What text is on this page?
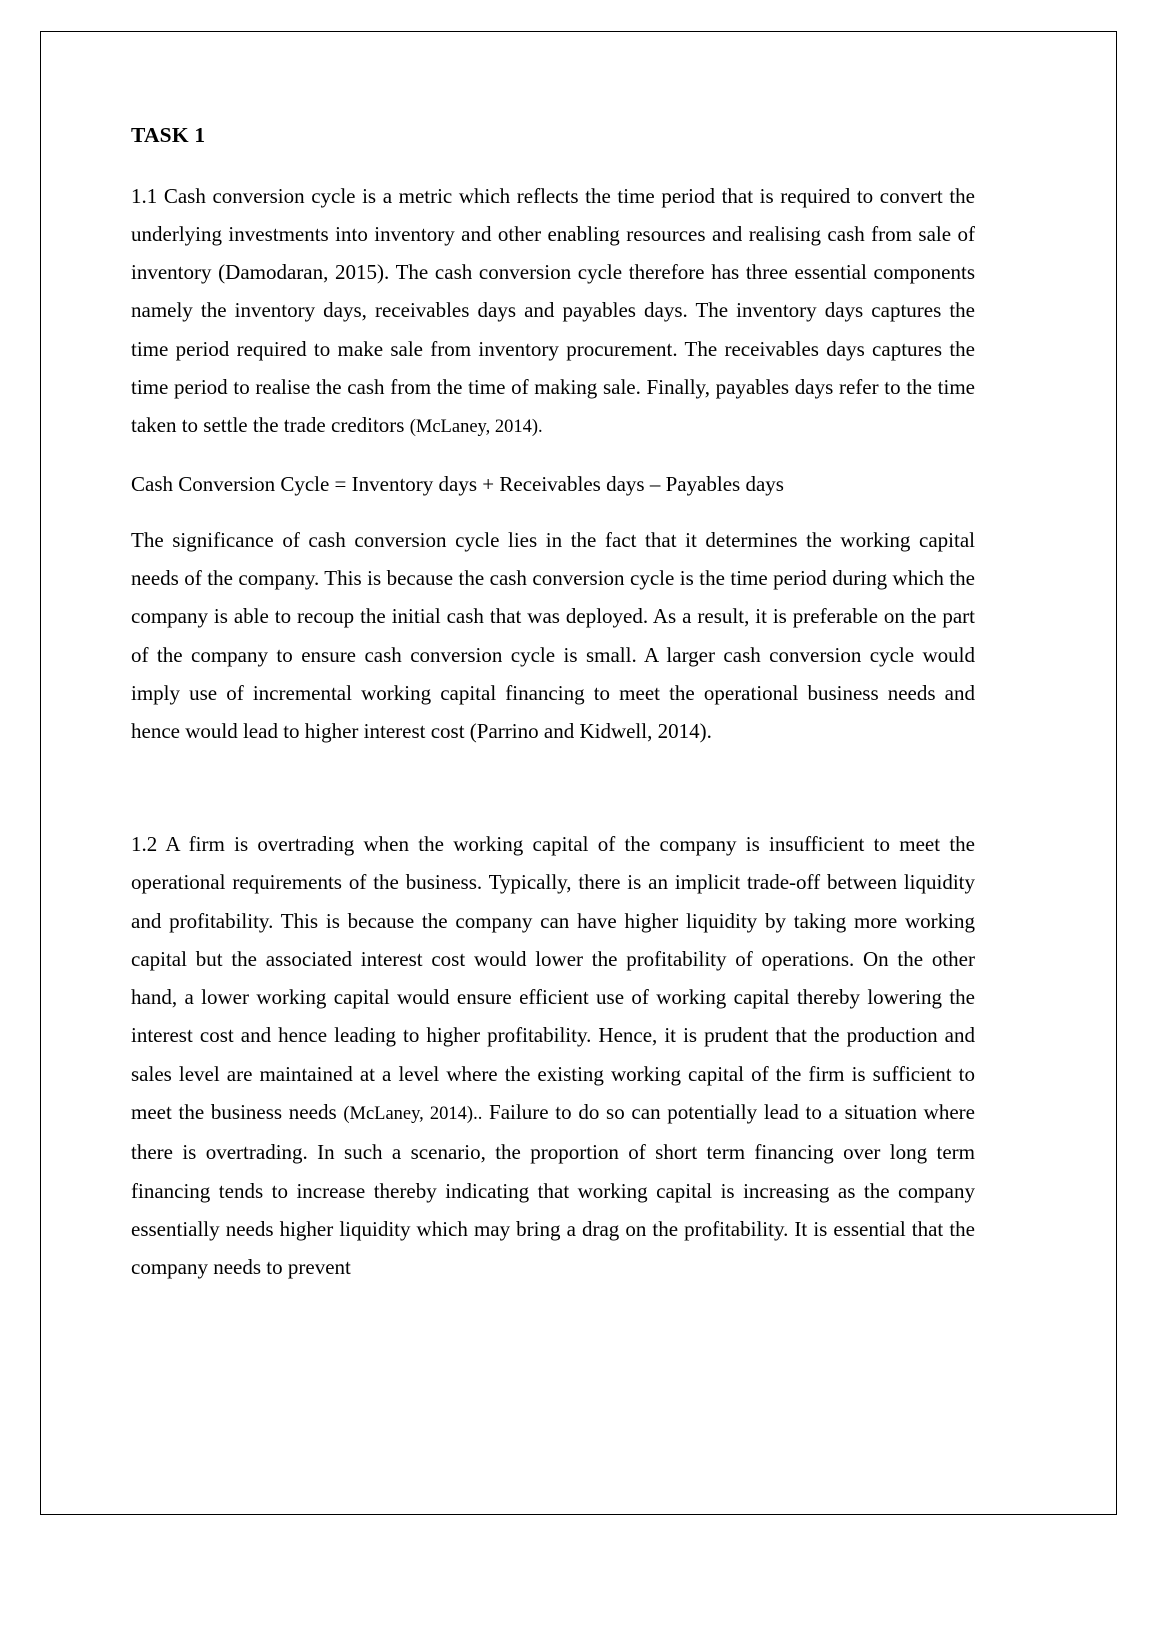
TASK 1

1.1 Cash conversion cycle is a metric which reflects the time period that is required to convert the underlying investments into inventory and other enabling resources and realising cash from sale of inventory (Damodaran, 2015). The cash conversion cycle therefore has three essential components namely the inventory days, receivables days and payables days. The inventory days captures the time period required to make sale from inventory procurement. The receivables days captures the time period to realise the cash from the time of making sale. Finally, payables days refer to the time taken to settle the trade creditors (McLaney, 2014).

Cash Conversion Cycle = Inventory days + Receivables days – Payables days

The significance of cash conversion cycle lies in the fact that it determines the working capital needs of the company. This is because the cash conversion cycle is the time period during which the company is able to recoup the initial cash that was deployed. As a result, it is preferable on the part of the company to ensure cash conversion cycle is small. A larger cash conversion cycle would imply use of incremental working capital financing to meet the operational business needs and hence would lead to higher interest cost (Parrino and Kidwell, 2014).

1.2 A firm is overtrading when the working capital of the company is insufficient to meet the operational requirements of the business. Typically, there is an implicit trade-off between liquidity and profitability. This is because the company can have higher liquidity by taking more working capital but the associated interest cost would lower the profitability of operations. On the other hand, a lower working capital would ensure efficient use of working capital thereby lowering the interest cost and hence leading to higher profitability. Hence, it is prudent that the production and sales level are maintained at a level where the existing working capital of the firm is sufficient to meet the business needs (McLaney, 2014).. Failure to do so can potentially lead to a situation where there is overtrading. In such a scenario, the proportion of short term financing over long term financing tends to increase thereby indicating that working capital is increasing as the company essentially needs higher liquidity which may bring a drag on the profitability. It is essential that the company needs to prevent
